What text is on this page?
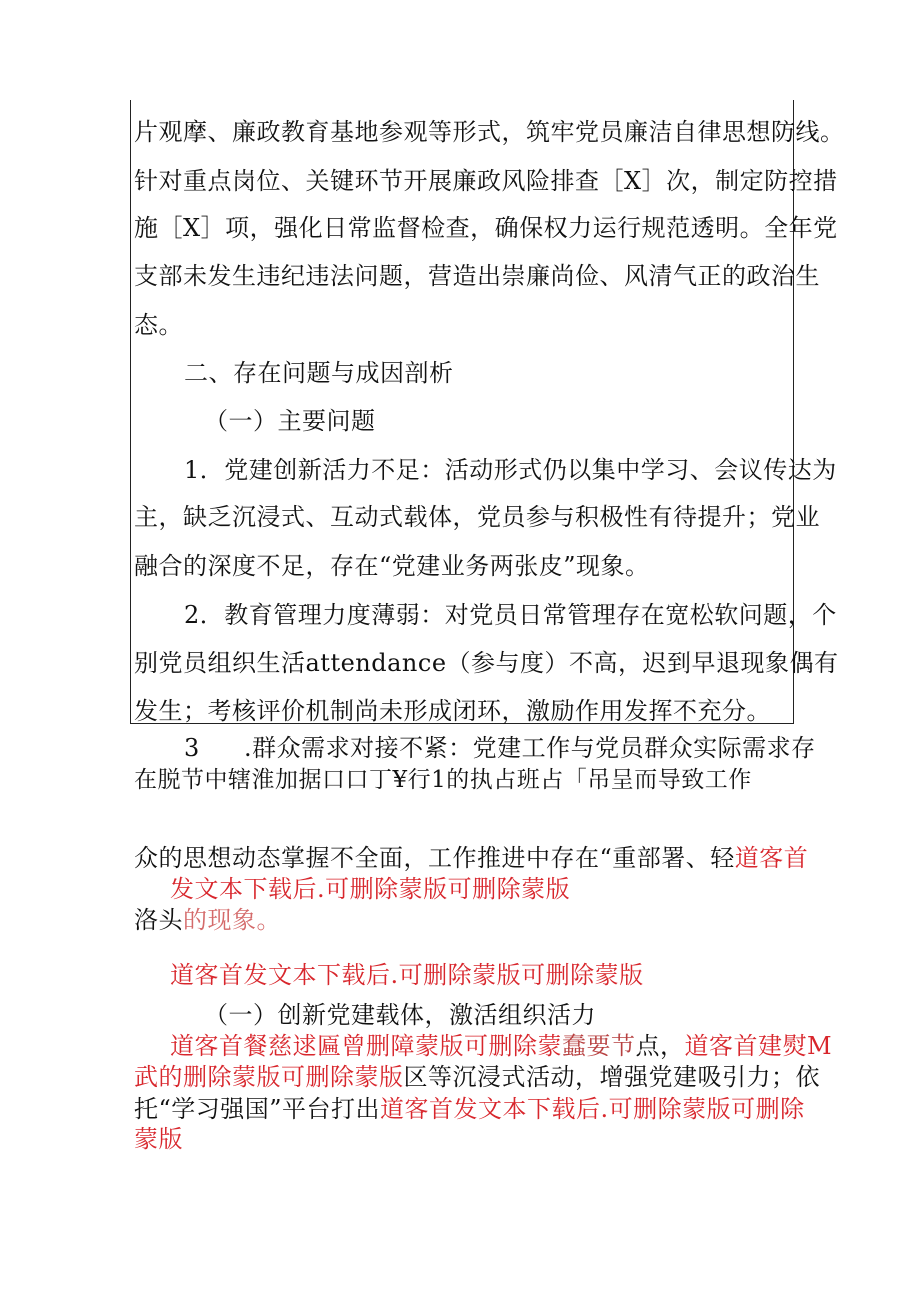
片观摩、廉政教育基地参观等形式，筑牢党员廉洁自律思想防线。
针对重点岗位、关键环节开展廉政风险排查［X］次，制定防控措
施［X］项，强化日常监督检查，确保权力运行规范透明。全年党
支部未发生违纪违法问题，营造出崇廉尚俭、风清气正的政治生
态。
二、存在问题与成因剖析
（一）主要问题
1．党建创新活力不足：活动形式仍以集中学习、会议传达为
主，缺乏沉浸式、互动式载体，党员参与积极性有待提升；党业
融合的深度不足，存在“党建业务两张皮”现象。
2．教育管理力度薄弱：对党员日常管理存在宽松软问题，个
别党员组织生活attendance（参与度）不高，迟到早退现象偶有
发生；考核评价机制尚未形成闭环，激励作用发挥不充分。
3 .群众需求对接不紧：党建工作与党员群众实际需求存
在脱节中辖淮加据口口丁¥行1的执占班占「吊呈而导致工作
众的思想动态掌握不全面，工作推进中存在“重部署、轻道客首
发文本下载后.可删除蒙版可删除蒙版
洛头的现象。
道客首发文本下载后.可删除蒙版可删除蒙版
（一）创新党建载体，激活组织活力
道客首餐慈逑匾曾删障蒙版可删除蒙蠢要节点，道客首建熨M
武的删除蒙版可删除蒙版区等沉浸式活动，增强党建吸引力；依
托“学习强国”平台打出道客首发文本下载后.可删除蒙版可删除
蒙版
